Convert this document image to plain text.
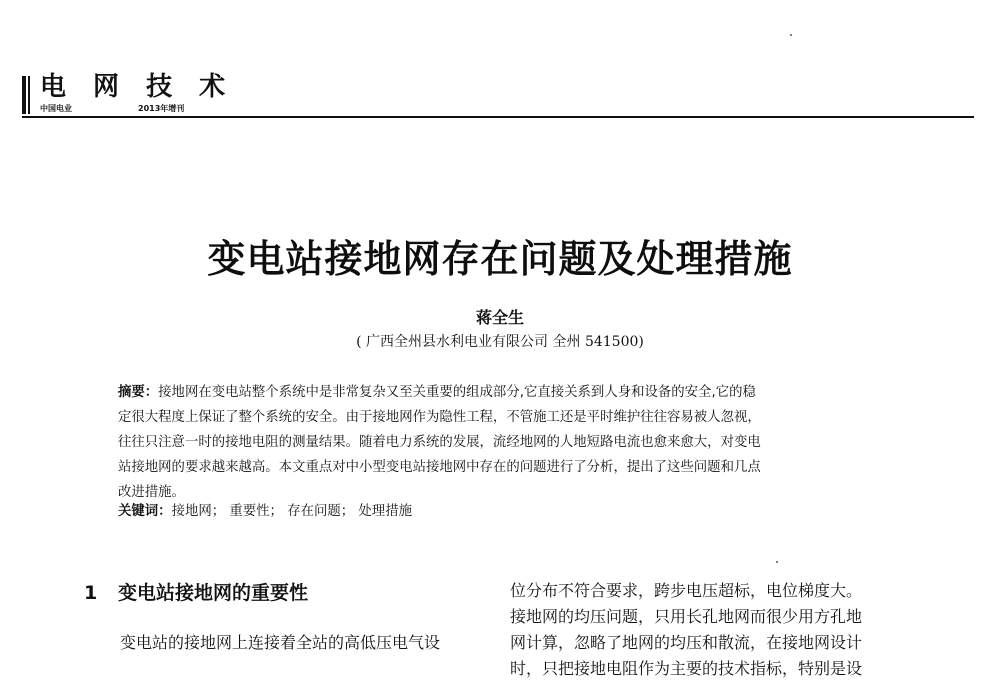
电 网 技 术
中国电业	2013年增刊
变电站接地网存在问题及处理措施
蒋全生
( 广西全州县水利电业有限公司 全州 541500)
摘要：接地网在变电站整个系统中是非常复杂又至关重要的组成部分,它直接关系到人身和设备的安全,它的稳
定很大程度上保证了整个系统的安全。由于接地网作为隐性工程，不管施工还是平时维护往往容易被人忽视，
往往只注意一时的接地电阻的测量结果。随着电力系统的发展，流经地网的人地短路电流也愈来愈大，对变电
站接地网的要求越来越高。本文重点对中小型变电站接地网中存在的问题进行了分析，提出了这些问题和几点
改进措施。
关键词：接地网； 重要性； 存在问题； 处理措施
1 变电站接地网的重要性
变电站的接地网上连接着全站的高低压电气设
位分布不符合要求，跨步电压超标，电位梯度大。
接地网的均压问题，只用长孔地网而很少用方孔地
网计算，忽略了地网的均压和散流，在接地网设计
时，只把接地电阻作为主要的技术指标，特别是设
